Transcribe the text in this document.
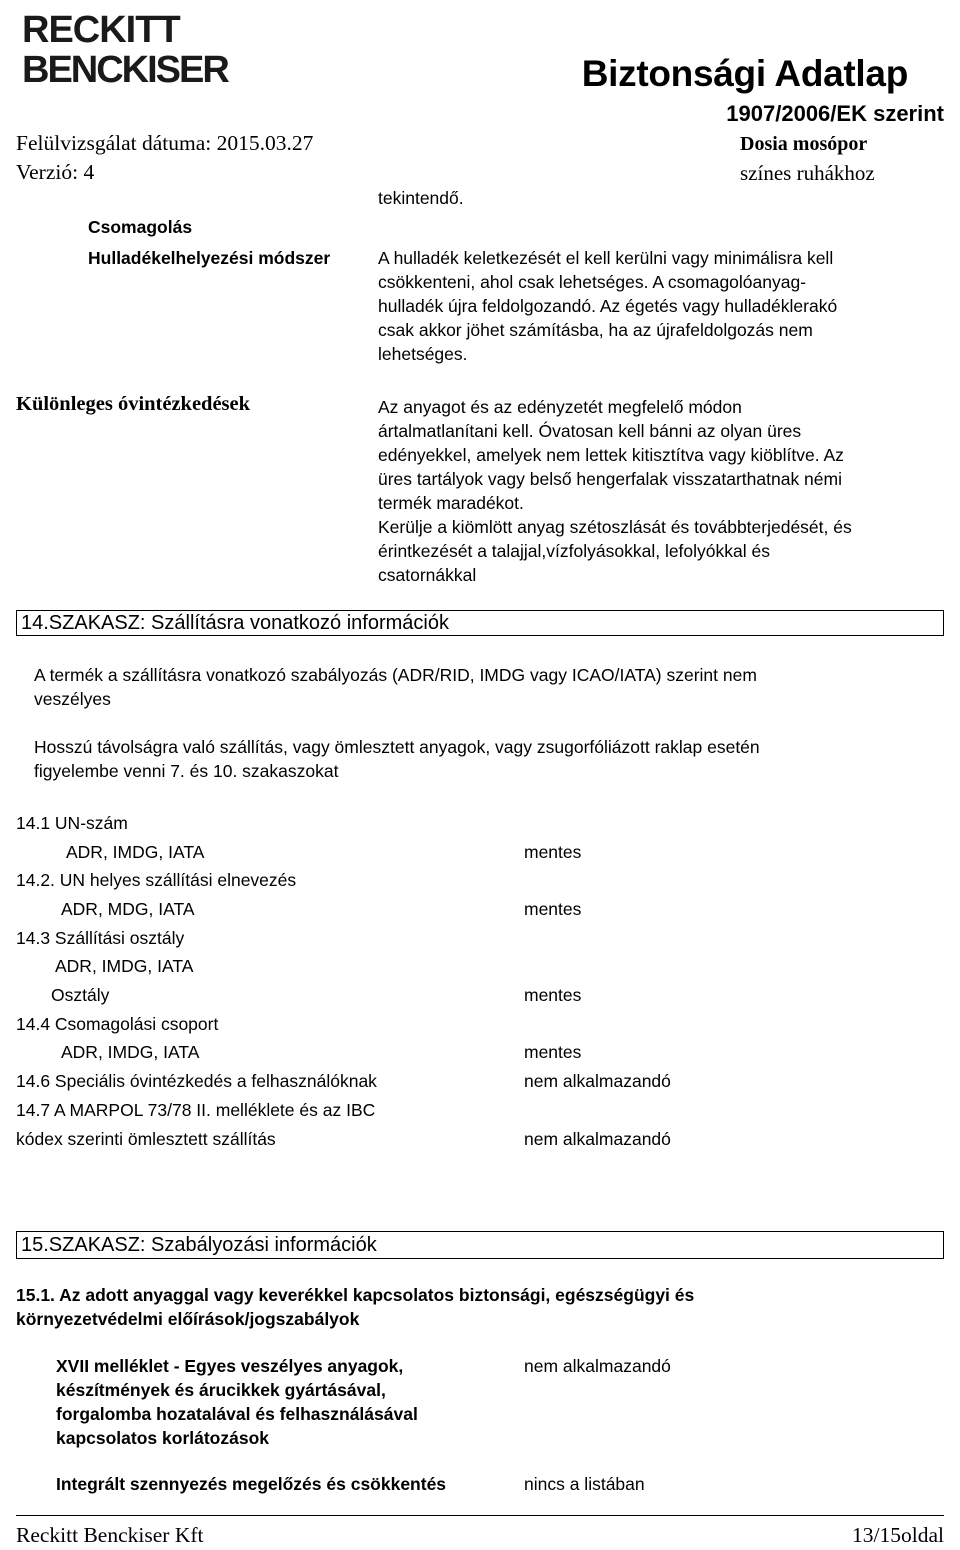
RECKITT
BENCKISER	Biztonsági Adatlap
1907/2006/EK szerint
Felülvizsgálat dátuma: 2015.03.27
Verzió: 4
Dosia mosópor
színes ruhákhoz
tekintendő.
Csomagolás
Hulladékelhelyezési módszer	A hulladék keletkezését el kell kerülni vagy minimálisra kell
csökkenteni, ahol csak lehetséges. A csomagolóanyag-
hulladék újra feldolgozandó. Az égetés vagy hulladéklerakó
csak akkor jöhet számításba, ha az újrafeldolgozás nem
lehetséges.
Különleges óvintézkedések	Az anyagot és az edényzetét megfelelő módon
ártalmatlanítani kell. Óvatosan kell bánni az olyan üres
edényekkel, amelyek nem lettek kitisztítva vagy kiöblítve. Az
üres tartályok vagy belső hengerfalak visszatarthatnak némi
termék maradékot.
Kerülje a kiömlött anyag szétoszlását és továbbterjedését, és
érintkezését a talajjal,vízfolyásokkal, lefolyókkal és
csatornákkal
14.SZAKASZ: Szállításra vonatkozó információk
A termék a szállításra vonatkozó szabályozás (ADR/RID, IMDG vagy ICAO/IATA) szerint nem
veszélyes
Hosszú távolságra való szállítás, vagy ömlesztett anyagok, vagy zsugorfóliázott raklap esetén
figyelembe venni 7. és 10. szakaszokat
14.1 UN-szám
ADR, IMDG, IATA	mentes
14.2. UN helyes szállítási elnevezés
ADR, MDG, IATA	mentes
14.3 Szállítási osztály
ADR, IMDG, IATA
Osztály	mentes
14.4 Csomagolási csoport
ADR, IMDG, IATA	mentes
14.6 Speciális óvintézkedés a felhasználóknak	nem alkalmazandó
14.7 A MARPOL 73/78 II. melléklete és az IBC
kódex szerinti ömlesztett szállítás	nem alkalmazandó
15.SZAKASZ: Szabályozási információk
15.1. Az adott anyaggal vagy keverékkel kapcsolatos biztonsági, egészségügyi és
környezetvédelmi előírások/jogszabályok
XVII melléklet - Egyes veszélyes anyagok,
készítmények és árucikkek gyártásával,
forgalomba hozatalával és felhasználásával
kapcsolatos korlátozások
nem alkalmazandó
Integrált szennyezés megelőzés és csökkentés	nincs a listában
Reckitt Benckiser Kft	13/15oldal
